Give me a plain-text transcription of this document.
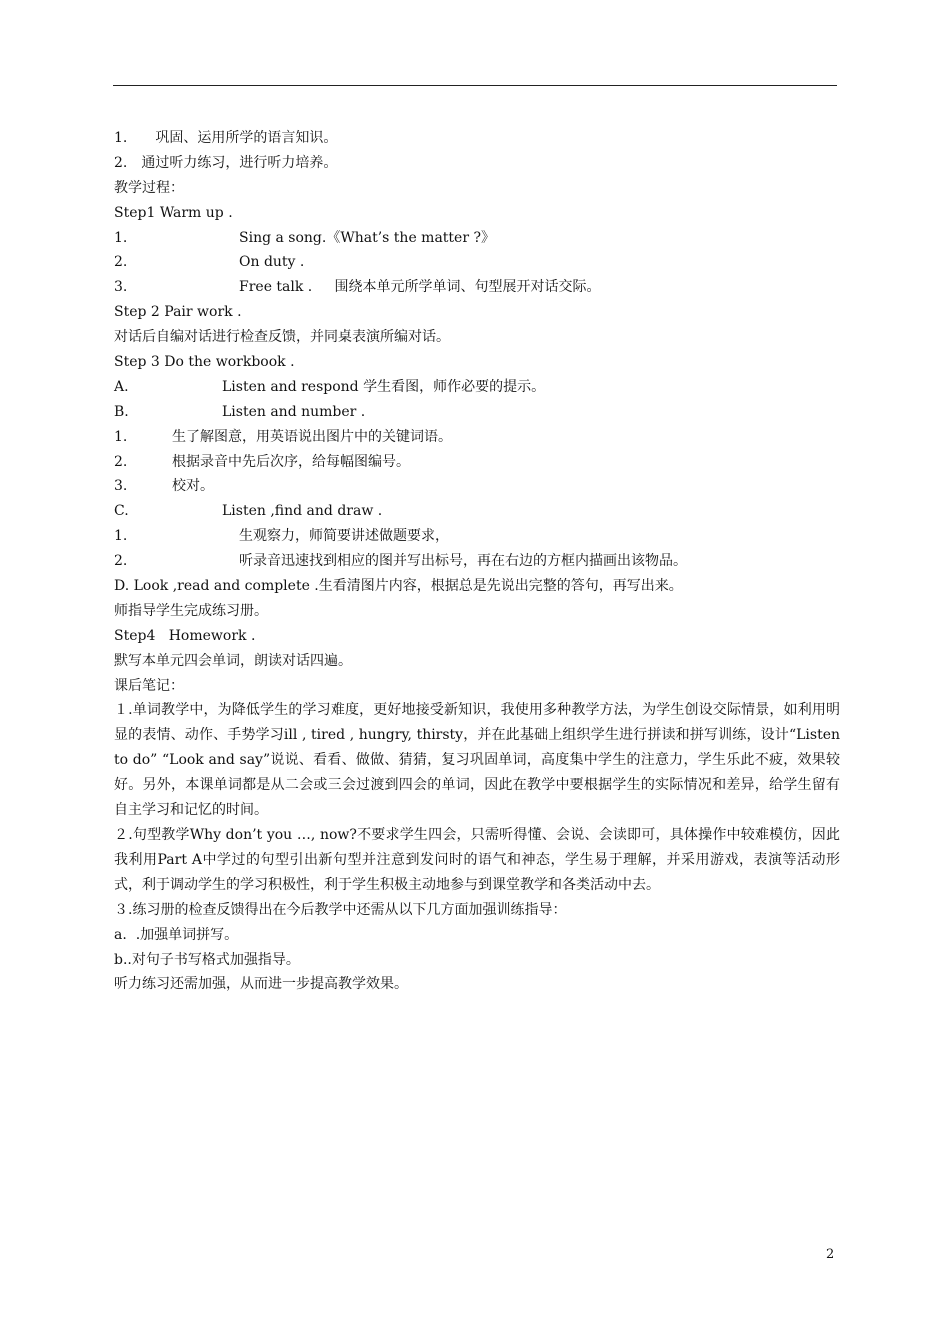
1.　　巩固、运用所学的语言知识。
2.　通过听力练习，进行听力培养。
教学过程：
Step1 Warm up .
1.	Sing a song.《What’s the matter ?》
2.	On duty .
3.	Free talk .     围绕本单元所学单词、句型展开对话交际。
Step 2 Pair work .
对话后自编对话进行检查反馈，并同桌表演所编对话。
Step 3 Do the workbook .
A.	Listen and respond 学生看图，师作必要的提示。
B.	Listen and number .
1.	生了解图意，用英语说出图片中的关键词语。
2.	根据录音中先后次序，给每幅图编号。
3.	校对。
C.	Listen ,find and draw .
1.	生观察力，师简要讲述做题要求，
2.	听录音迅速找到相应的图并写出标号，再在右边的方框内描画出该物品。
D. Look ,read and complete .生看清图片内容，根据总是先说出完整的答句，再写出来。
师指导学生完成练习册。
Step4   Homework .
默写本单元四会单词，朗读对话四遍。
课后笔记：
１.单词教学中，为降低学生的学习难度，更好地接受新知识，我使用多种教学方法，为学生创设交际情景，如利用明显的表情、动作、手势学习ill , tired , hungry, thirsty，并在此基础上组织学生进行拼读和拼写训练，设计“Listen to do” “Look and say”说说、看看、做做、猜猜，复习巩固单词，高度集中学生的注意力，学生乐此不疲，效果较好。另外，本课单词都是从二会或三会过渡到四会的单词，因此在教学中要根据学生的实际情况和差异，给学生留有自主学习和记忆的时间。
２.句型教学Why don’t you …, now?不要求学生四会，只需听得懂、会说、会读即可，具体操作中较难模仿，因此我利用Part A中学过的句型引出新句型并注意到发问时的语气和神态，学生易于理解，并采用游戏，表演等活动形式，利于调动学生的学习积极性，利于学生积极主动地参与到课堂教学和各类活动中去。
３.练习册的检查反馈得出在今后教学中还需从以下几方面加强训练指导：
a.  .加强单词拼写。
b..对句子书写格式加强指导。
听力练习还需加强，从而进一步提高教学效果。
2
